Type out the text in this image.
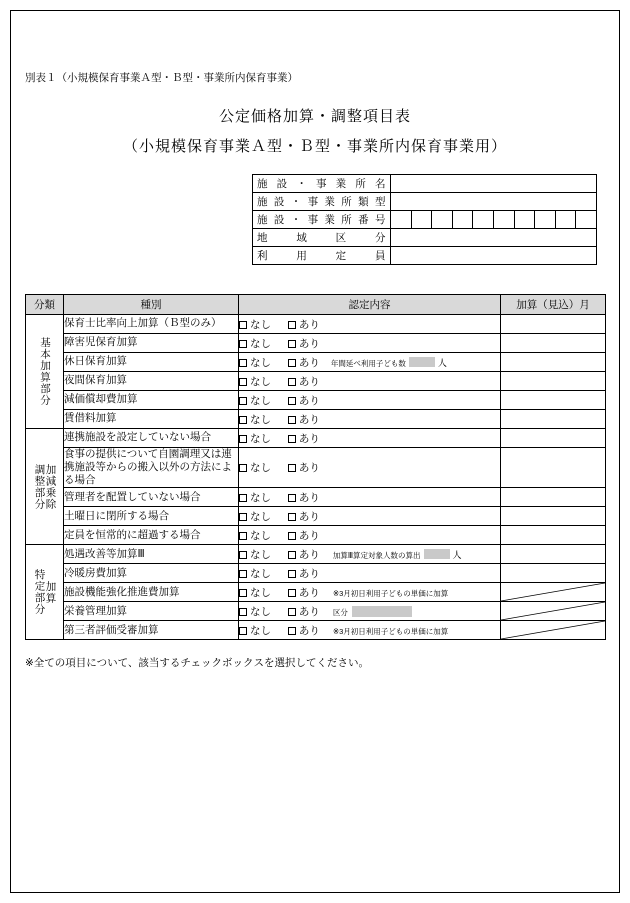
別表１（小規模保育事業Ａ型・Ｂ型・事業所内保育事業）
公定価格加算・調整項目表
（小規模保育事業Ａ型・Ｂ型・事業所内保育事業用）
施設・事業所名	

施設・事業所類型	

施設・事業所番号	

地域区分	

利用定員	

分類	種別	認定内容	加算（見込）月

基本加算部分	保育士比率向上加算（Ｂ型のみ）	なし あり	
	障害児保育加算	なし あり	
	休日保育加算	なし あり 年間延べ利用子ども数 人	
	夜間保育加算	なし あり	
	減価償却費加算	なし あり	
	賃借料加算	なし あり	

調整部分 加減乗除	連携施設を設定していない場合	なし あり	
	食事の提供について自園調理又は連携施設等からの搬入以外の方法による場合	なし あり	
	管理者を配置していない場合	なし あり	
	土曜日に閉所する場合	なし あり	
	定員を恒常的に超過する場合	なし あり	

特定部分 加算	処遇改善等加算Ⅲ	なし あり 加算Ⅲ算定対象人数の算出 人	
	冷暖房費加算	なし あり	
	施設機能強化推進費加算	なし あり ※3月初日利用子どもの単価に加算	

	栄養管理加算	なし あり 区分	

	第三者評価受審加算	なし あり ※3月初日利用子どもの単価に加算	
※全ての項目について、該当するチェックボックスを選択してください。
